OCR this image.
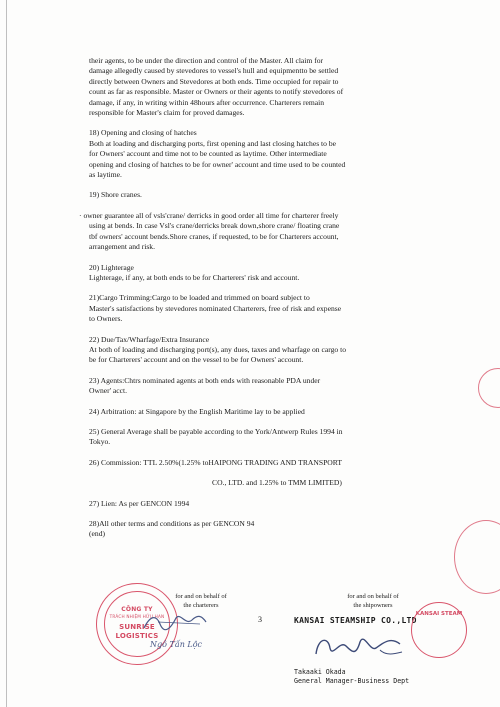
their agents, to be under the direction and control of the Master. All claim for
damage allegedly caused by stevedores to vessel's hull and equipmentto be settled
directly between Owners and Stevedores at both ends. Time occupied for repair to
count as far as responsible. Master or Owners or their agents to notify stevedores of
damage, if any, in writing within 48hours after occurrence. Charterers remain
responsible for Master's claim for proved damages.
18) Opening and closing of hatches
Both at loading and discharging ports, first opening and last closing hatches to be
for Owners' account and time not to be counted as laytime. Other intermediate
opening and closing of hatches to be for owner' account and time used to be counted
as laytime.
19) Shore cranes.
· owner guarantee all of vsls'crane/ derricks in good order all time for charterer freely
using at bends. In case Vsl's crane/derricks break down,shore crane/ floating crane
tbf owners' account bends.Shore cranes, if requested, to be for Charterers account,
arrangement and risk.
20) Lighterage
Lighterage, if any, at both ends to be for Charterers' risk and account.
21)Cargo Trimming:Cargo to be loaded and trimmed on board subject to
Master's satisfactions by stevedores nominated Charterers, free of risk and expense
to Owners.
22) Due/Tax/Wharfage/Extra Insurance
At both of loading and discharging port(s), any dues, taxes and wharfage on cargo to
be for Charterers' account and on the vessel to be for Owners' account.
23) Agents:Chtrs nominated agents at both ends with reasonable PDA under
Owner' acct.
24) Arbitration: at Singapore by the English Maritime lay to be applied
25) General Average shall be payable according to the York/Antwerp Rules 1994 in
Tokyo.
26) Commission: TTL 2.50%(1.25% toHAIPONG TRADING AND TRANSPORT
CO., LTD. and 1.25% to TMM LIMITED)
27) Lien: As per GENCON 1994
28)All other terms and conditions as per GENCON 94
(end)
CÔNG TY
TRÁCH NHIỆM HỮU HẠN
SUNRISE
LOGISTICS
Ngô Tấn Lộc
for and on behalf of
the charterers
3
for and on behalf of
the shipowners
KANSAI STEAMSHIP CO.,LTD
KANSAI STEAM
Takaaki Okada
General Manager-Business Dept
